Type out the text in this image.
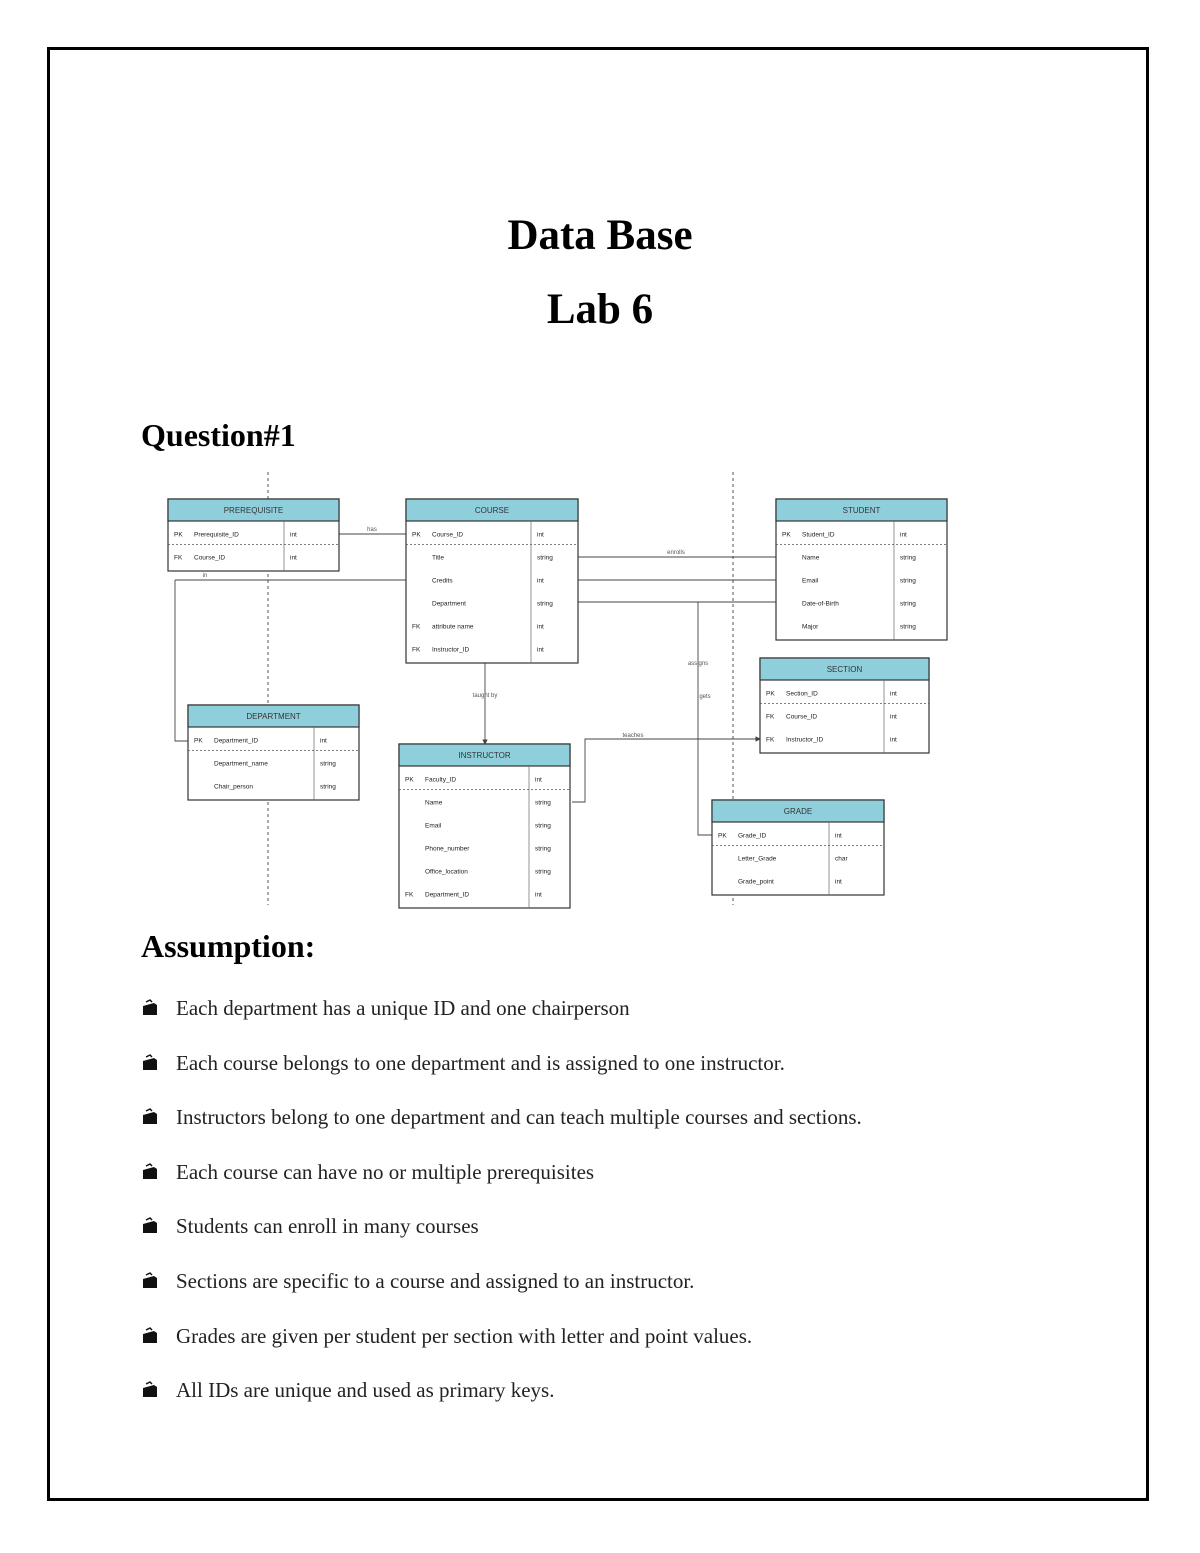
Data Base
Lab 6
Question#1
has
in
enrolls
taught by
teaches
assigns
gets
PREREQUISITE
PK Prerequisite_ID	int
FK Course_ID	int
COURSE
PK Course_ID	int
Title	string
Credits	int
Department	string
FK attribute name	int
FK Instructor_ID	int
STUDENT
PK Student_ID	int
Name	string
Email	string
Date-of-Birth	string
Major	string
SECTION
PK Section_ID	int
FK Course_ID	int
FK Instructor_ID	int
DEPARTMENT
PK Department_ID	int
Department_name	string
Chair_person	string
INSTRUCTOR
PK Faculty_ID	int
Name	string
Email	string
Phone_number	string
Office_location	string
FK Department_ID	int
GRADE
PK Grade_ID	int
Letter_Grade	char
Grade_point	int
Assumption:
Each department has a unique ID and one chairperson
Each course belongs to one department and is assigned to one instructor.
Instructors belong to one department and can teach multiple courses and sections.
Each course can have no or multiple prerequisites
Students can enroll in many courses
Sections are specific to a course and assigned to an instructor.
Grades are given per student per section with letter and point values.
All IDs are unique and used as primary keys.
